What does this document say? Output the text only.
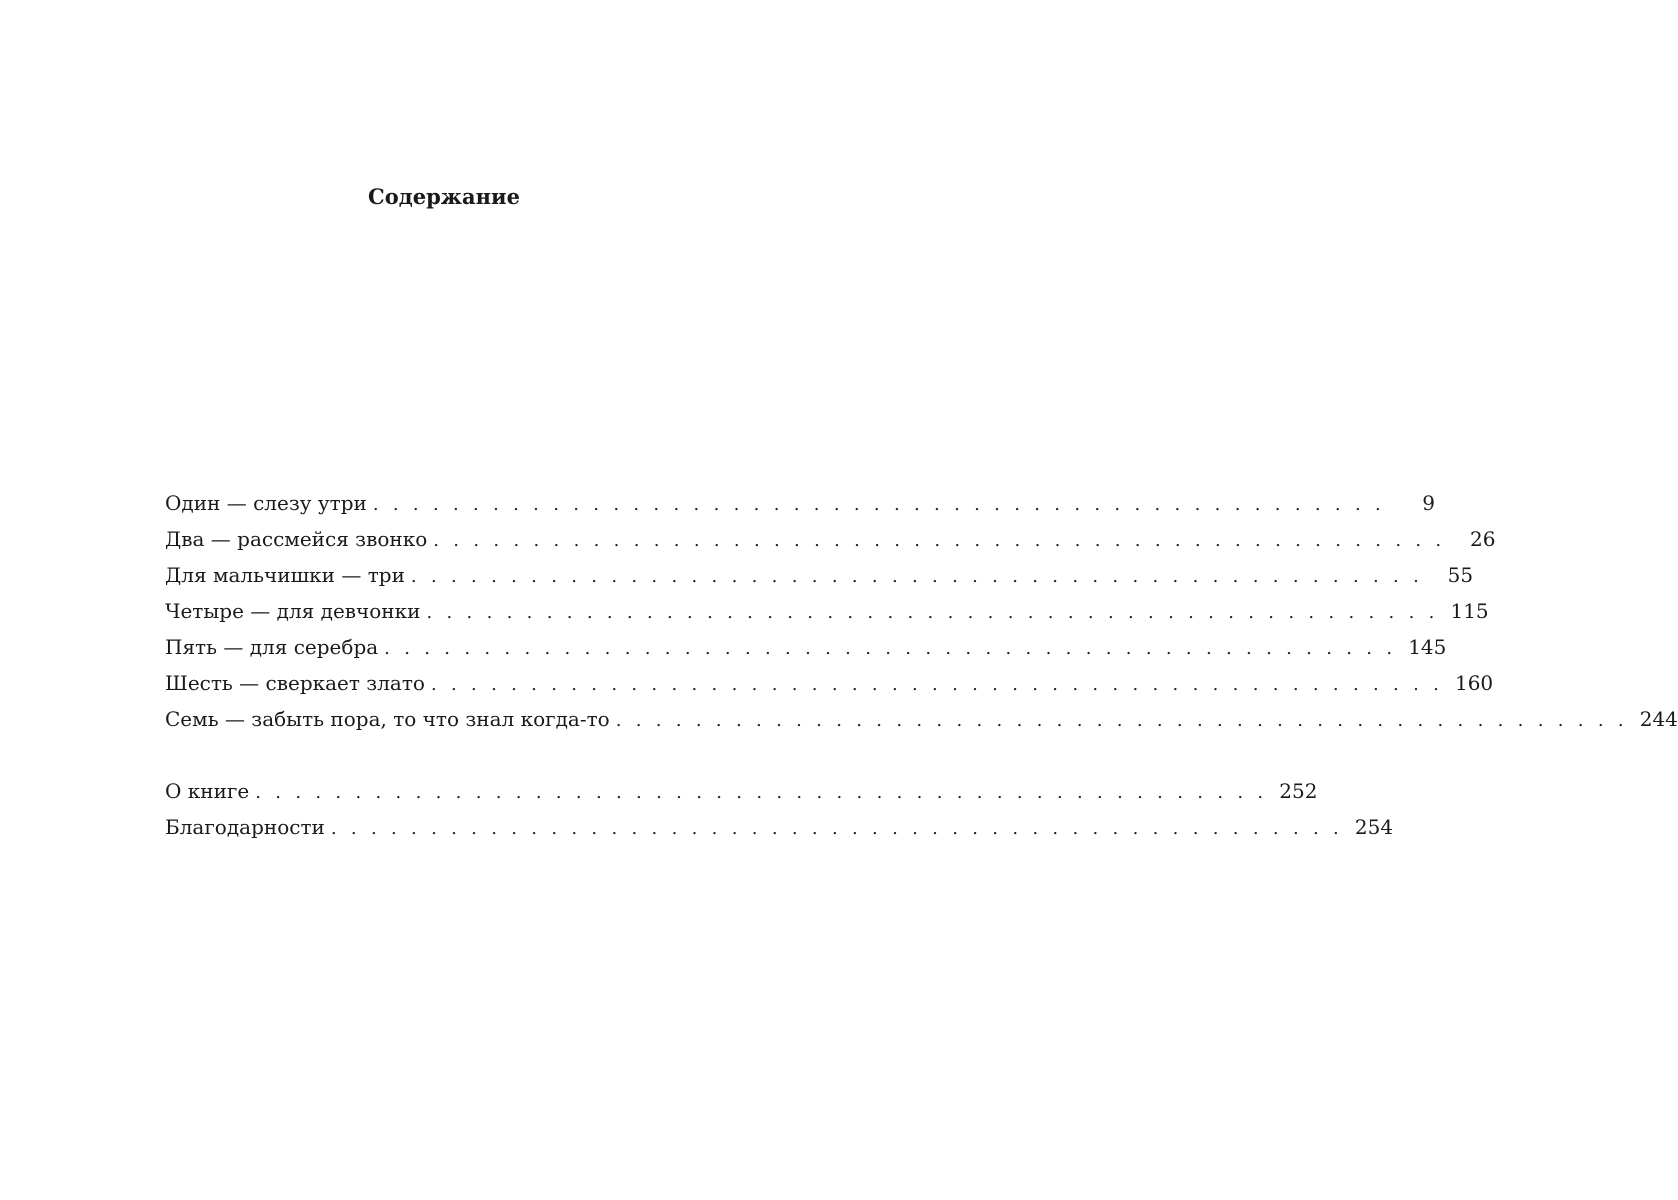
Содержание
Один — слезу утри . . . . . . . . . . . . . . . . . . . . . . . . . . . . . . . . . . . . . . . . . . . . . . . . . . .	9
Два — рассмейся звонко . . . . . . . . . . . . . . . . . . . . . . . . . . . . . . . . . . . . . . . . . . . . . . . . . . .	26
Для мальчишки — три . . . . . . . . . . . . . . . . . . . . . . . . . . . . . . . . . . . . . . . . . . . . . . . . . . .	55
Четыре — для девчонки . . . . . . . . . . . . . . . . . . . . . . . . . . . . . . . . . . . . . . . . . . . . . . . . . . . 115
Пять — для серебра . . . . . . . . . . . . . . . . . . . . . . . . . . . . . . . . . . . . . . . . . . . . . . . . . . . 145
Шесть — сверкает злато . . . . . . . . . . . . . . . . . . . . . . . . . . . . . . . . . . . . . . . . . . . . . . . . . . . 160
Семь — забыть пора, то что знал когда-то . . . . . . . . . . . . . . . . . . . . . . . . . . . . . . . . . . . . . . . . . . . . . . . . . . . 244
О книге . . . . . . . . . . . . . . . . . . . . . . . . . . . . . . . . . . . . . . . . . . . . . . . . . . . 252
Благодарности . . . . . . . . . . . . . . . . . . . . . . . . . . . . . . . . . . . . . . . . . . . . . . . . . . . 254
